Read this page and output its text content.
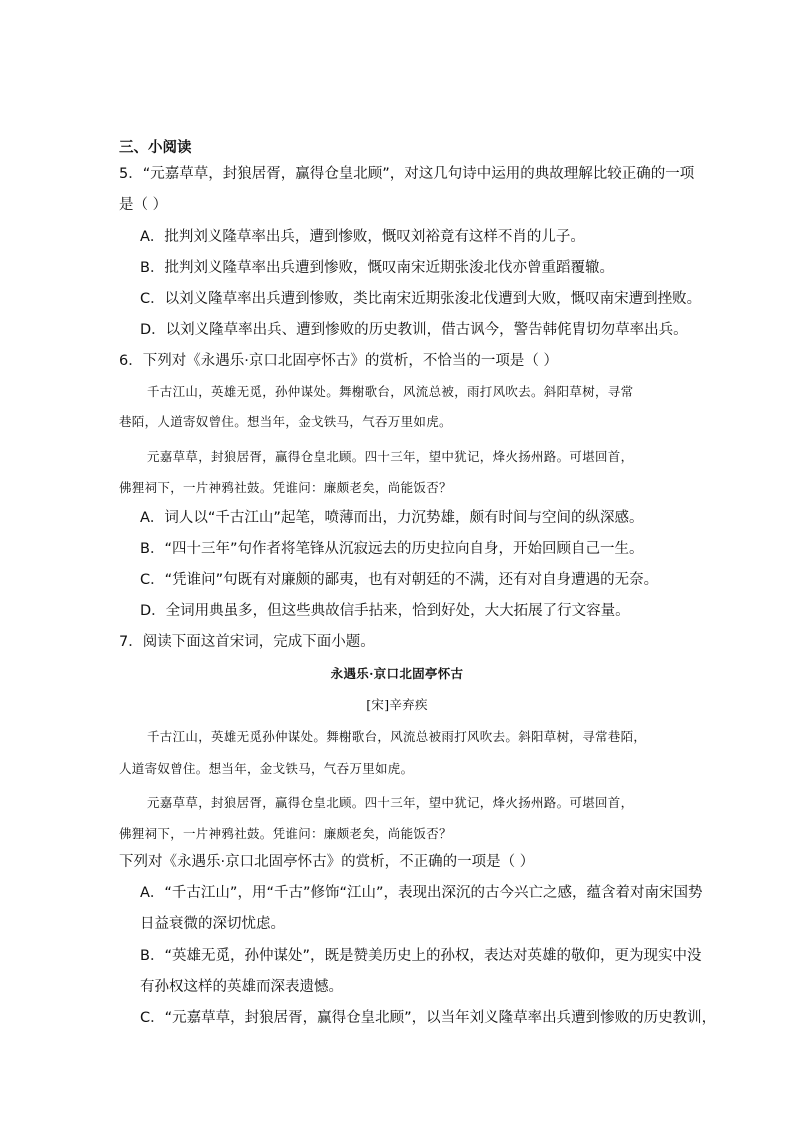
三、小阅读
5．“元嘉草草，封狼居胥，赢得仓皇北顾”，对这几句诗中运用的典故理解比较正确的一项
是（ ）
A．批判刘义隆草率出兵，遭到惨败，慨叹刘裕竟有这样不肖的儿子。
B．批判刘义隆草率出兵遭到惨败，慨叹南宋近期张浚北伐亦曾重蹈覆辙。
C．以刘义隆草率出兵遭到惨败，类比南宋近期张浚北伐遭到大败，慨叹南宋遭到挫败。
D．以刘义隆草率出兵、遭到惨败的历史教训，借古讽今，警告韩侂胄切勿草率出兵。
6．下列对《永遇乐·京口北固亭怀古》的赏析，不恰当的一项是（ ）
千古江山，英雄无觅，孙仲谋处。舞榭歌台，风流总被，雨打风吹去。斜阳草树，寻常
巷陌，人道寄奴曾住。想当年，金戈铁马，气吞万里如虎。
元嘉草草，封狼居胥，赢得仓皇北顾。四十三年，望中犹记，烽火扬州路。可堪回首，
佛狸祠下，一片神鸦社鼓。凭谁问：廉颇老矣，尚能饭否？
A．词人以“千古江山”起笔，喷薄而出，力沉势雄，颇有时间与空间的纵深感。
B．“四十三年”句作者将笔锋从沉寂远去的历史拉向自身，开始回顾自己一生。
C．“凭谁问”句既有对廉颇的鄙夷，也有对朝廷的不满，还有对自身遭遇的无奈。
D．全词用典虽多，但这些典故信手拈来，恰到好处，大大拓展了行文容量。
7．阅读下面这首宋词，完成下面小题。
永遇乐·京口北固亭怀古
[宋]辛弃疾
千古江山，英雄无觅孙仲谋处。舞榭歌台，风流总被雨打风吹去。斜阳草树，寻常巷陌，
人道寄奴曾住。想当年，金戈铁马，气吞万里如虎。
元嘉草草，封狼居胥，赢得仓皇北顾。四十三年，望中犹记，烽火扬州路。可堪回首，
佛狸祠下，一片神鸦社鼓。凭谁问：廉颇老矣，尚能饭否？
下列对《永遇乐·京口北固亭怀古》的赏析，不正确的一项是（ ）
A．“千古江山”，用“千古”修饰“江山”，表现出深沉的古今兴亡之感，蕴含着对南宋国势
日益衰微的深切忧虑。
B．“英雄无觅，孙仲谋处”，既是赞美历史上的孙权，表达对英雄的敬仰，更为现实中没
有孙权这样的英雄而深表遗憾。
C．“元嘉草草，封狼居胥，赢得仓皇北顾”，以当年刘义隆草率出兵遭到惨败的历史教训，
